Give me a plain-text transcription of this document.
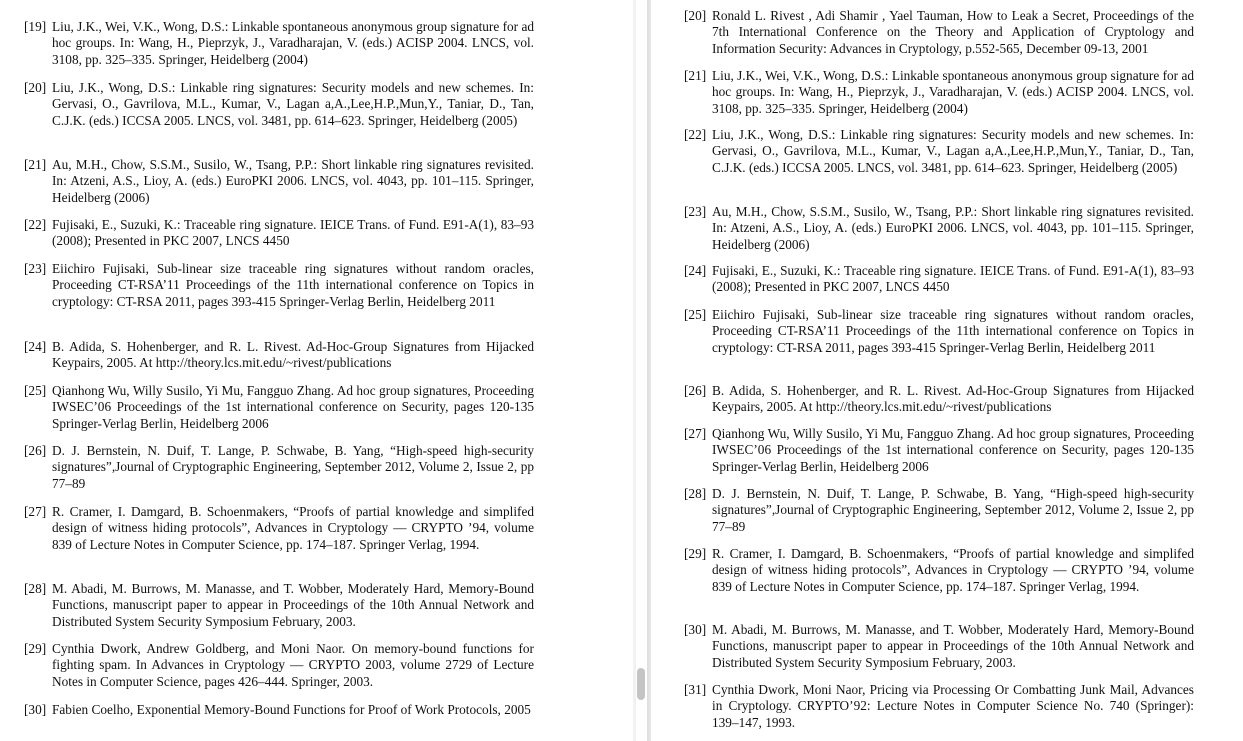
[19] Liu, J.K., Wei, V.K., Wong, D.S.: Linkable spontaneous anonymous group signature for ad hoc groups. In: Wang, H., Pieprzyk, J., Varadharajan, V. (eds.) ACISP 2004. LNCS, vol. 3108, pp. 325–335. Springer, Heidelberg (2004)
[20] Liu, J.K., Wong, D.S.: Linkable ring signatures: Security models and new schemes. In: Gervasi, O., Gavrilova, M.L., Kumar, V., Lagan a,A.,Lee,H.P.,Mun,Y., Taniar, D., Tan, C.J.K. (eds.) ICCSA 2005. LNCS, vol. 3481, pp. 614–623. Springer, Heidelberg (2005)
[21] Au, M.H., Chow, S.S.M., Susilo, W., Tsang, P.P.: Short linkable ring signatures revisited. In: Atzeni, A.S., Lioy, A. (eds.) EuroPKI 2006. LNCS, vol. 4043, pp. 101–115. Springer, Heidelberg (2006)
[22] Fujisaki, E., Suzuki, K.: Traceable ring signature. IEICE Trans. of Fund. E91-A(1), 83–93 (2008); Presented in PKC 2007, LNCS 4450
[23] Eiichiro Fujisaki, Sub-linear size traceable ring signatures without random oracles, Proceeding CT-RSA’11 Proceedings of the 11th international conference on Topics in cryptology: CT-RSA 2011, pages 393-415 Springer-Verlag Berlin, Heidelberg 2011
[24] B. Adida, S. Hohenberger, and R. L. Rivest. Ad-Hoc-Group Signatures from Hijacked Keypairs, 2005. At http://theory.lcs.mit.edu/~rivest/publications
[25] Qianhong Wu, Willy Susilo, Yi Mu, Fangguo Zhang. Ad hoc group signatures, Proceeding IWSEC’06 Proceedings of the 1st international conference on Security, pages 120-135 Springer-Verlag Berlin, Heidelberg 2006
[26] D. J. Bernstein, N. Duif, T. Lange, P. Schwabe, B. Yang, “High-speed high-security signatures”,Journal of Cryptographic Engineering, September 2012, Volume 2, Issue 2, pp 77–89
[27] R. Cramer, I. Damgard, B. Schoenmakers, “Proofs of partial knowledge and simplifed design of witness hiding protocols”, Advances in Cryptology — CRYPTO ’94, volume 839 of Lecture Notes in Computer Science, pp. 174–187. Springer Verlag, 1994.
[28] M. Abadi, M. Burrows, M. Manasse, and T. Wobber, Moderately Hard, Memory-Bound Functions, manuscript paper to appear in Proceedings of the 10th Annual Network and Distributed System Security Symposium February, 2003.
[29] Cynthia Dwork, Andrew Goldberg, and Moni Naor. On memory-bound functions for fighting spam. In Advances in Cryptology — CRYPTO 2003, volume 2729 of Lecture Notes in Computer Science, pages 426–444. Springer, 2003.
[30] Fabien Coelho, Exponential Memory-Bound Functions for Proof of Work Protocols, 2005
[20] Ronald L. Rivest , Adi Shamir , Yael Tauman, How to Leak a Secret, Proceedings of the 7th International Conference on the Theory and Application of Cryptology and Information Security: Advances in Cryptology, p.552-565, December 09-13, 2001
[21] Liu, J.K., Wei, V.K., Wong, D.S.: Linkable spontaneous anonymous group signature for ad hoc groups. In: Wang, H., Pieprzyk, J., Varadharajan, V. (eds.) ACISP 2004. LNCS, vol. 3108, pp. 325–335. Springer, Heidelberg (2004)
[22] Liu, J.K., Wong, D.S.: Linkable ring signatures: Security models and new schemes. In: Gervasi, O., Gavrilova, M.L., Kumar, V., Lagan a,A.,Lee,H.P.,Mun,Y., Taniar, D., Tan, C.J.K. (eds.) ICCSA 2005. LNCS, vol. 3481, pp. 614–623. Springer, Heidelberg (2005)
[23] Au, M.H., Chow, S.S.M., Susilo, W., Tsang, P.P.: Short linkable ring signatures revisited. In: Atzeni, A.S., Lioy, A. (eds.) EuroPKI 2006. LNCS, vol. 4043, pp. 101–115. Springer, Heidelberg (2006)
[24] Fujisaki, E., Suzuki, K.: Traceable ring signature. IEICE Trans. of Fund. E91-A(1), 83–93 (2008); Presented in PKC 2007, LNCS 4450
[25] Eiichiro Fujisaki, Sub-linear size traceable ring signatures without random oracles, Proceeding CT-RSA’11 Proceedings of the 11th international conference on Topics in cryptology: CT-RSA 2011, pages 393-415 Springer-Verlag Berlin, Heidelberg 2011
[26] B. Adida, S. Hohenberger, and R. L. Rivest. Ad-Hoc-Group Signatures from Hijacked Keypairs, 2005. At http://theory.lcs.mit.edu/~rivest/publications
[27] Qianhong Wu, Willy Susilo, Yi Mu, Fangguo Zhang. Ad hoc group signatures, Proceeding IWSEC’06 Proceedings of the 1st international conference on Security, pages 120-135 Springer-Verlag Berlin, Heidelberg 2006
[28] D. J. Bernstein, N. Duif, T. Lange, P. Schwabe, B. Yang, “High-speed high-security signatures”,Journal of Cryptographic Engineering, September 2012, Volume 2, Issue 2, pp 77–89
[29] R. Cramer, I. Damgard, B. Schoenmakers, “Proofs of partial knowledge and simplifed design of witness hiding protocols”, Advances in Cryptology — CRYPTO ’94, volume 839 of Lecture Notes in Computer Science, pp. 174–187. Springer Verlag, 1994.
[30] M. Abadi, M. Burrows, M. Manasse, and T. Wobber, Moderately Hard, Memory-Bound Functions, manuscript paper to appear in Proceedings of the 10th Annual Network and Distributed System Security Symposium February, 2003.
[31] Cynthia Dwork, Moni Naor, Pricing via Processing Or Combatting Junk Mail, Advances in Cryptology. CRYPTO’92: Lecture Notes in Computer Science No. 740 (Springer): 139–147, 1993.
